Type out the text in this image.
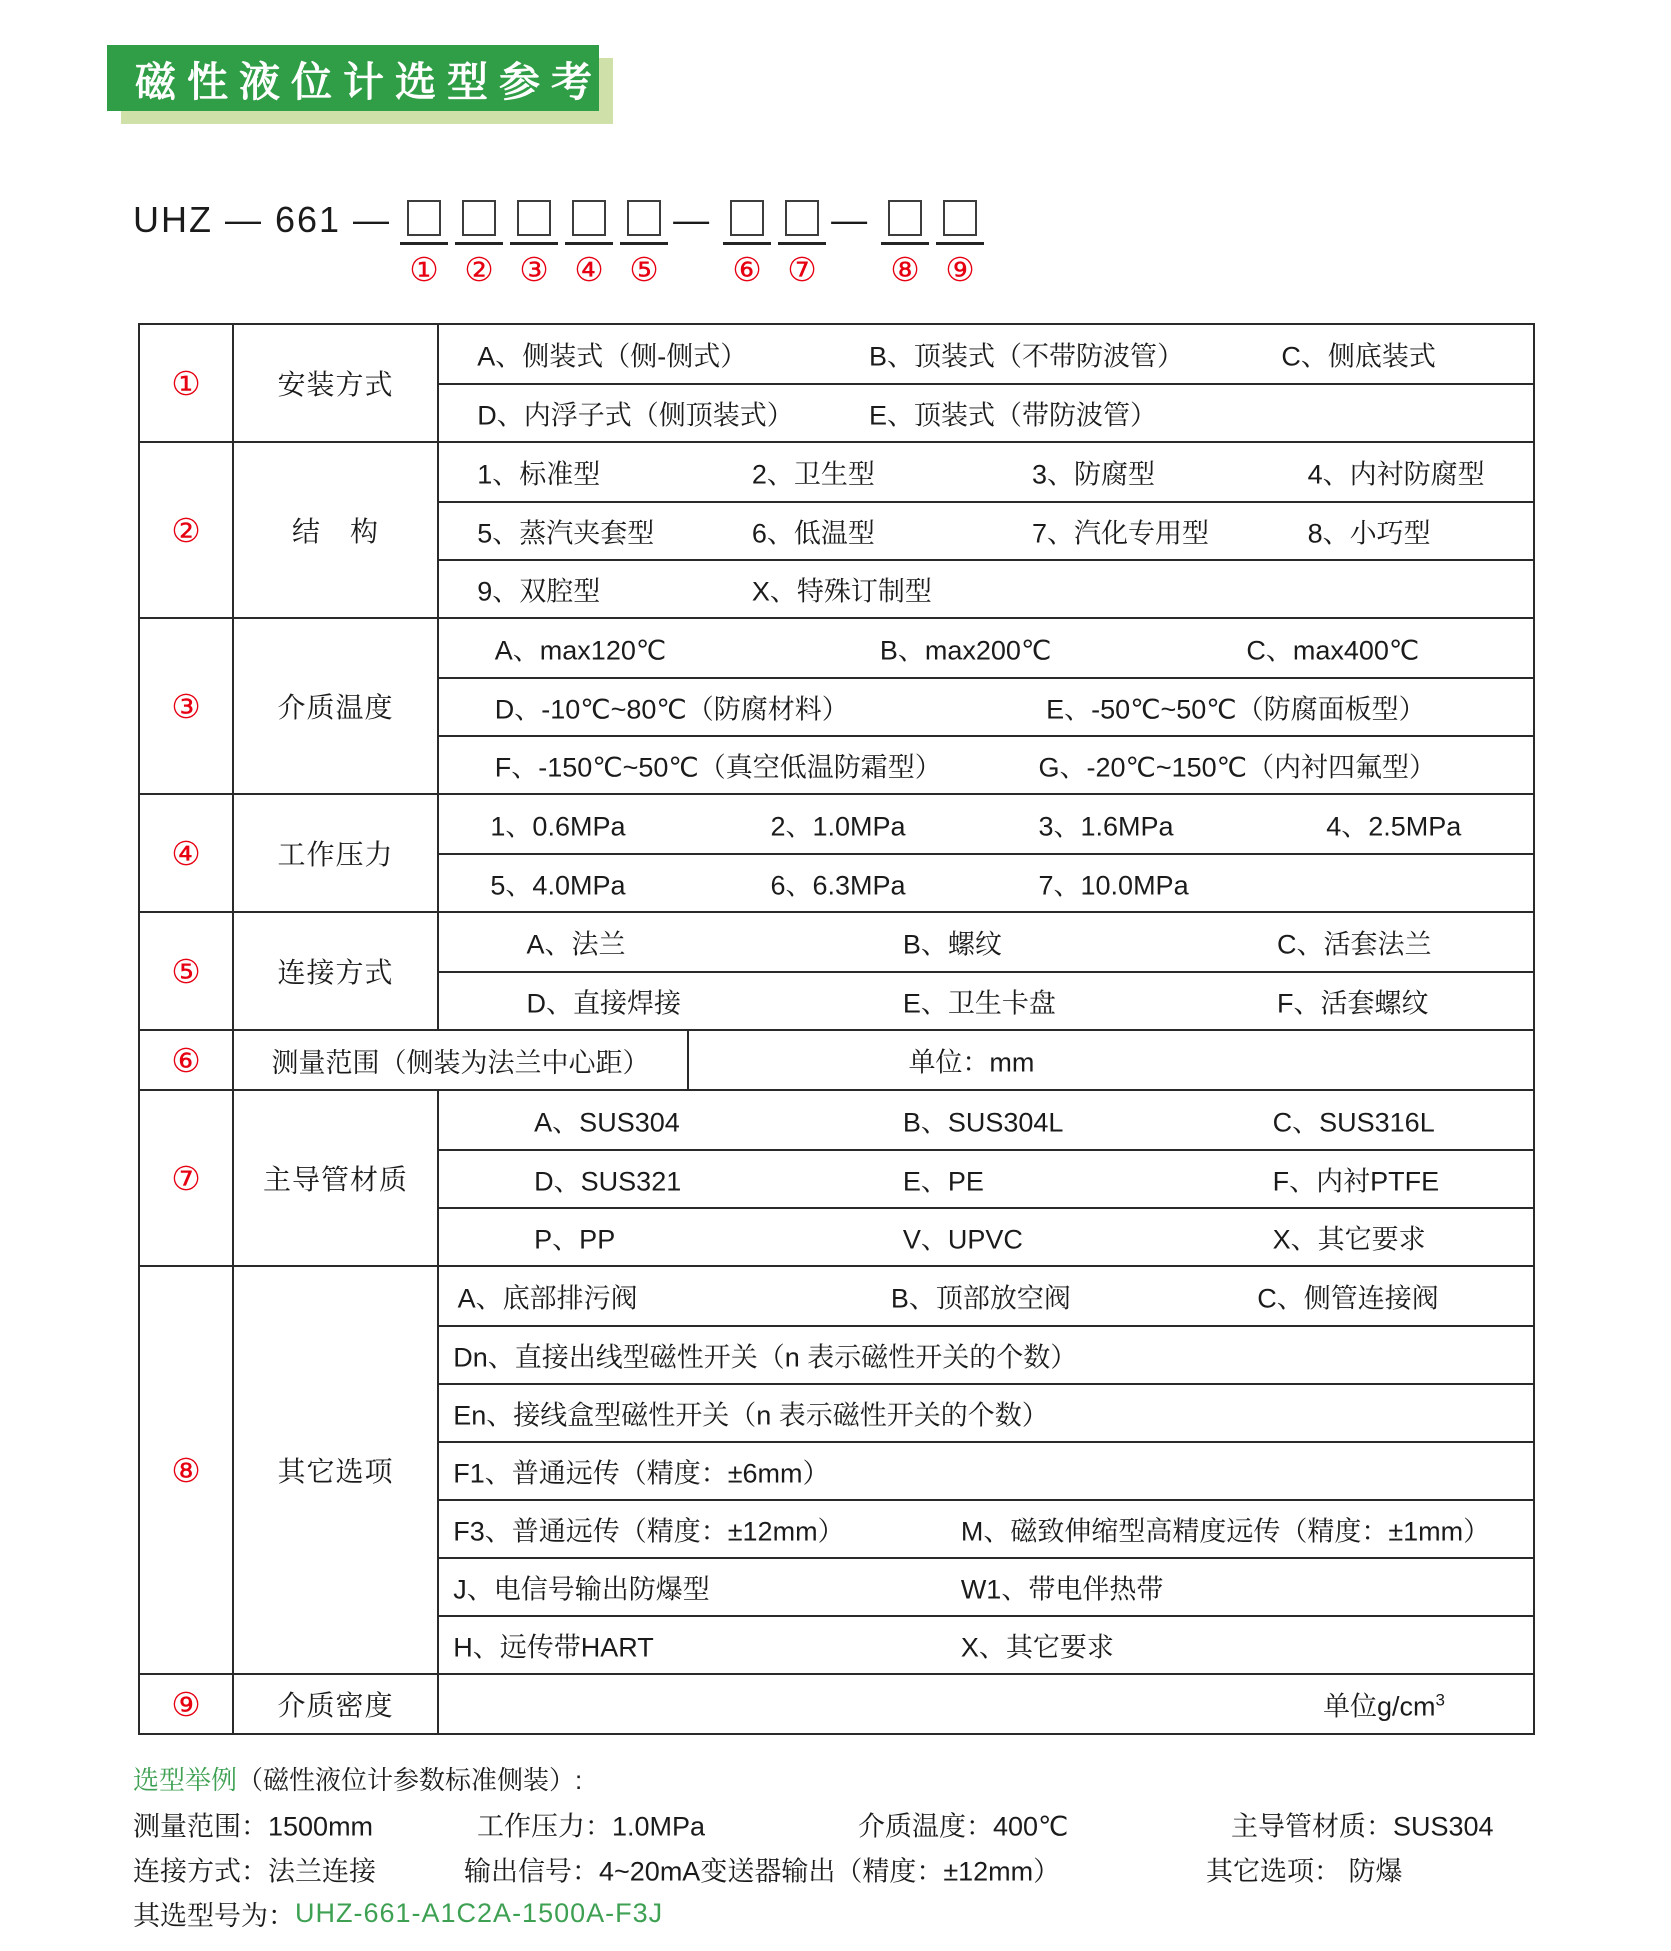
磁性液位计选型参考
UHZ — 661 —
① ② ③ ④ ⑤
—
⑥ ⑦
—
⑧ ⑨
①	安装方式
A、侧装式（侧-侧式）	B、顶装式（不带防波管）	C、侧底装式
D、内浮子式（侧顶装式）	E、顶装式（带防波管）
②	结　构
1、标准型	2、卫生型	3、防腐型	4、内衬防腐型
5、蒸汽夹套型	6、低温型	7、汽化专用型	8、小巧型
9、双腔型	X、特殊订制型
③	介质温度
A、max120℃	B、max200℃	C、max400℃
D、-10℃~80℃（防腐材料）	E、-50℃~50℃（防腐面板型）
F、-150℃~50℃（真空低温防霜型）	G、-20℃~150℃（内衬四氟型）
④	工作压力
1、0.6MPa	2、1.0MPa	3、1.6MPa	4、2.5MPa
5、4.0MPa	6、6.3MPa	7、10.0MPa
⑤	连接方式
A、法兰	B、螺纹	C、活套法兰
D、直接焊接	E、卫生卡盘	F、活套螺纹
⑥	测量范围（侧装为法兰中心距）	单位：mm
⑦	主导管材质
A、SUS304	B、SUS304L	C、SUS316L
D、SUS321	E、PE	F、内衬PTFE
P、PP	V、UPVC	X、其它要求
⑧	其它选项
A、底部排污阀	B、顶部放空阀	C、侧管连接阀
Dn、直接出线型磁性开关（n 表示磁性开关的个数）
En、接线盒型磁性开关（n 表示磁性开关的个数）
F1、普通远传（精度：±6mm）
F3、普通远传（精度：±12mm）	M、磁致伸缩型高精度远传（精度：±1mm）
J、电信号输出防爆型	W1、带电伴热带
H、远传带HART	X、其它要求
⑨	介质密度	单位$g/cm^3$
选型举例 （磁性液位计参数标准侧装）:
测量范围：1500mm	工作压力：1.0MPa	介质温度：400℃	主导管材质：SUS304
连接方式：法兰连接	输出信号：4~20mA变送器输出（精度：±12mm）	其它选项： 防爆
其选型号为： UHZ-661-A1C2A-1500A-F3J
